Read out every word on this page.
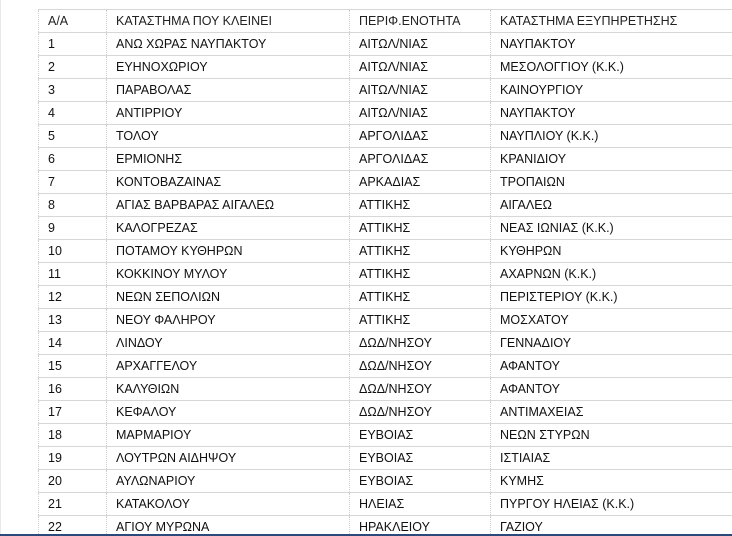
Α/Α	ΚΑΤΑΣΤΗΜΑ ΠΟΥ ΚΛΕΙΝΕΙ	ΠΕΡΙΦ.ΕΝΟΤΗΤΑ	ΚΑΤΑΣΤΗΜΑ ΕΞΥΠΗΡΕΤΗΣΗΣ
1	ΑΝΩ ΧΩΡΑΣ ΝΑΥΠΑΚΤΟΥ	ΑΙΤΩΛ/ΝΙΑΣ	ΝΑΥΠΑΚΤΟΥ
2	ΕΥΗΝΟΧΩΡΙΟΥ	ΑΙΤΩΛ/ΝΙΑΣ	ΜΕΣΟΛΟΓΓΙΟΥ (Κ.Κ.)
3	ΠΑΡΑΒΟΛΑΣ	ΑΙΤΩΛ/ΝΙΑΣ	ΚΑΙΝΟΥΡΓΙΟΥ
4	ΑΝΤΙΡΡΙΟΥ	ΑΙΤΩΛ/ΝΙΑΣ	ΝΑΥΠΑΚΤΟΥ
5	ΤΟΛΟΥ	ΑΡΓΟΛΙΔΑΣ	ΝΑΥΠΛΙΟΥ (Κ.Κ.)
6	ΕΡΜΙΟΝΗΣ	ΑΡΓΟΛΙΔΑΣ	ΚΡΑΝΙΔΙΟΥ
7	ΚΟΝΤΟΒΑΖΑΙΝΑΣ	ΑΡΚΑΔΙΑΣ	ΤΡΟΠΑΙΩΝ
8	ΑΓΙΑΣ ΒΑΡΒΑΡΑΣ ΑΙΓΑΛΕΩ	ΑΤΤΙΚΗΣ	ΑΙΓΑΛΕΩ
9	ΚΑΛΟΓΡΕΖΑΣ	ΑΤΤΙΚΗΣ	ΝΕΑΣ ΙΩΝΙΑΣ (Κ.Κ.)
10	ΠΟΤΑΜΟΥ ΚΥΘΗΡΩΝ	ΑΤΤΙΚΗΣ	ΚΥΘΗΡΩΝ
11	ΚΟΚΚΙΝΟΥ ΜΥΛΟΥ	ΑΤΤΙΚΗΣ	ΑΧΑΡΝΩΝ (Κ.Κ.)
12	ΝΕΩΝ ΣΕΠΟΛΙΩΝ	ΑΤΤΙΚΗΣ	ΠΕΡΙΣΤΕΡΙΟΥ (Κ.Κ.)
13	ΝΕΟΥ ΦΑΛΗΡΟΥ	ΑΤΤΙΚΗΣ	ΜΟΣΧΑΤΟΥ
14	ΛΙΝΔΟΥ	ΔΩΔ/ΝΗΣΟΥ	ΓΕΝΝΑΔΙΟΥ
15	ΑΡΧΑΓΓΕΛΟΥ	ΔΩΔ/ΝΗΣΟΥ	ΑΦΑΝΤΟΥ
16	ΚΑΛΥΘΙΩΝ	ΔΩΔ/ΝΗΣΟΥ	ΑΦΑΝΤΟΥ
17	ΚΕΦΑΛΟΥ	ΔΩΔ/ΝΗΣΟΥ	ΑΝΤΙΜΑΧΕΙΑΣ
18	ΜΑΡΜΑΡΙΟΥ	ΕΥΒΟΙΑΣ	ΝΕΩΝ ΣΤΥΡΩΝ
19	ΛΟΥΤΡΩΝ ΑΙΔΗΨΟΥ	ΕΥΒΟΙΑΣ	ΙΣΤΙΑΙΑΣ
20	ΑΥΛΩΝΑΡΙΟΥ	ΕΥΒΟΙΑΣ	ΚΥΜΗΣ
21	ΚΑΤΑΚΟΛΟΥ	ΗΛΕΙΑΣ	ΠΥΡΓΟΥ ΗΛΕΙΑΣ (Κ.Κ.)
22	ΑΓΙΟΥ ΜΥΡΩΝΑ	ΗΡΑΚΛΕΙΟΥ	ΓΑΖΙΟΥ
